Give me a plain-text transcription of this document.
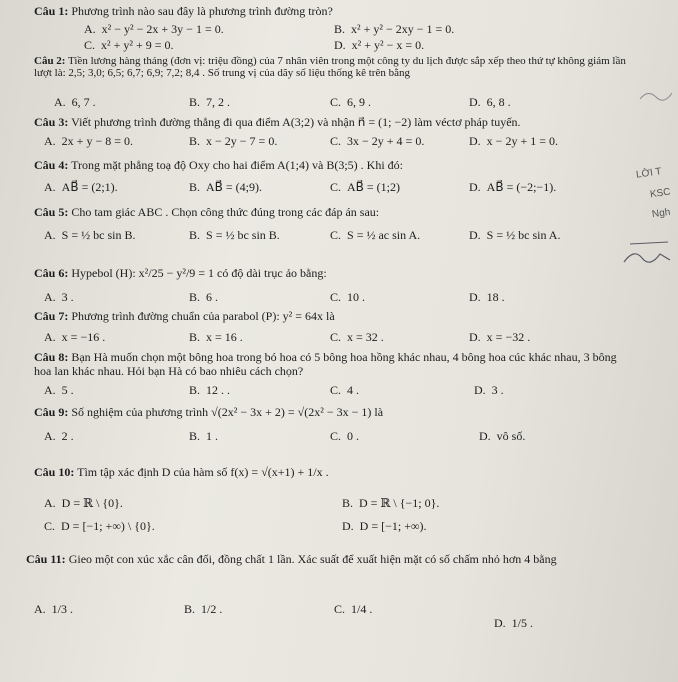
Câu 1: Phương trình nào sau đây là phương trình đường tròn?
A. x² − y² − 2x + 3y − 1 = 0.	B. x² + y² − 2xy − 1 = 0.
C. x² + y² + 9 = 0.	D. x² + y² − x = 0.
Câu 2: Tiền lương hàng tháng (đơn vị: triệu đồng) của 7 nhân viên trong một công ty du lịch được sắp xếp theo thứ tự không giảm lần lượt là: 2,5; 3,0; 6,5; 6,7; 6,9; 7,2; 8,4 . Số trung vị của dãy số liệu thống kê trên bằng
A. 6, 7 .	B. 7, 2 .	C. 6, 9 .	D. 6, 8 .
Câu 3: Viết phương trình đường thẳng đi qua điểm A(3;2) và nhận n⃗ = (1; −2) làm véctơ pháp tuyến.
A. 2x + y − 8 = 0.	B. x − 2y − 7 = 0.	C. 3x − 2y + 4 = 0.	D. x − 2y + 1 = 0.
Câu 4: Trong mặt phẳng toạ độ Oxy cho hai điểm A(1;4) và B(3;5) . Khi đó:
A. AB⃗ = (2;1).	B. AB⃗ = (4;9).	C. AB⃗ = (1;2)	D. AB⃗ = (−2;−1).
Câu 5: Cho tam giác ABC . Chọn công thức đúng trong các đáp án sau:
A. S = ½ bc sin B.	B. S = ½ bc sin B.	C. S = ½ ac sin A.	D. S = ½ bc sin A.
Câu 6: Hypebol (H): x²/25 − y²/9 = 1 có độ dài trục ảo bằng:
A. 3 .	B. 6 .	C. 10 .	D. 18 .
Câu 7: Phương trình đường chuẩn của parabol (P): y² = 64x là
A. x = −16 .	B. x = 16 .	C. x = 32 .	D. x = −32 .
Câu 8: Bạn Hà muốn chọn một bông hoa trong bó hoa có 5 bông hoa hồng khác nhau, 4 bông hoa cúc khác nhau, 3 bông hoa lan khác nhau. Hỏi bạn Hà có bao nhiêu cách chọn?
A. 5 .	B. 12 . .	C. 4 .	D. 3 .
Câu 9: Số nghiệm của phương trình √(2x² − 3x + 2) = √(2x² − 3x − 1) là
A. 2 .	B. 1 .	C. 0 .	D. vô số.
Câu 10: Tìm tập xác định D của hàm số f(x) = √(x+1) + 1/x .
A. D = ℝ \ {0}.	B. D = ℝ \ {−1; 0}.
C. D = [−1; +∞) \ {0}.	D. D = [−1; +∞).
Câu 11: Gieo một con xúc xắc cân đối, đồng chất 1 lần. Xác suất để xuất hiện mặt có số chấm nhỏ hơn 4 bằng
A. 1/3 .	B. 1/2 .	C. 1/4 .
D. 1/5 .
LỜI T
KSC
Ngh
